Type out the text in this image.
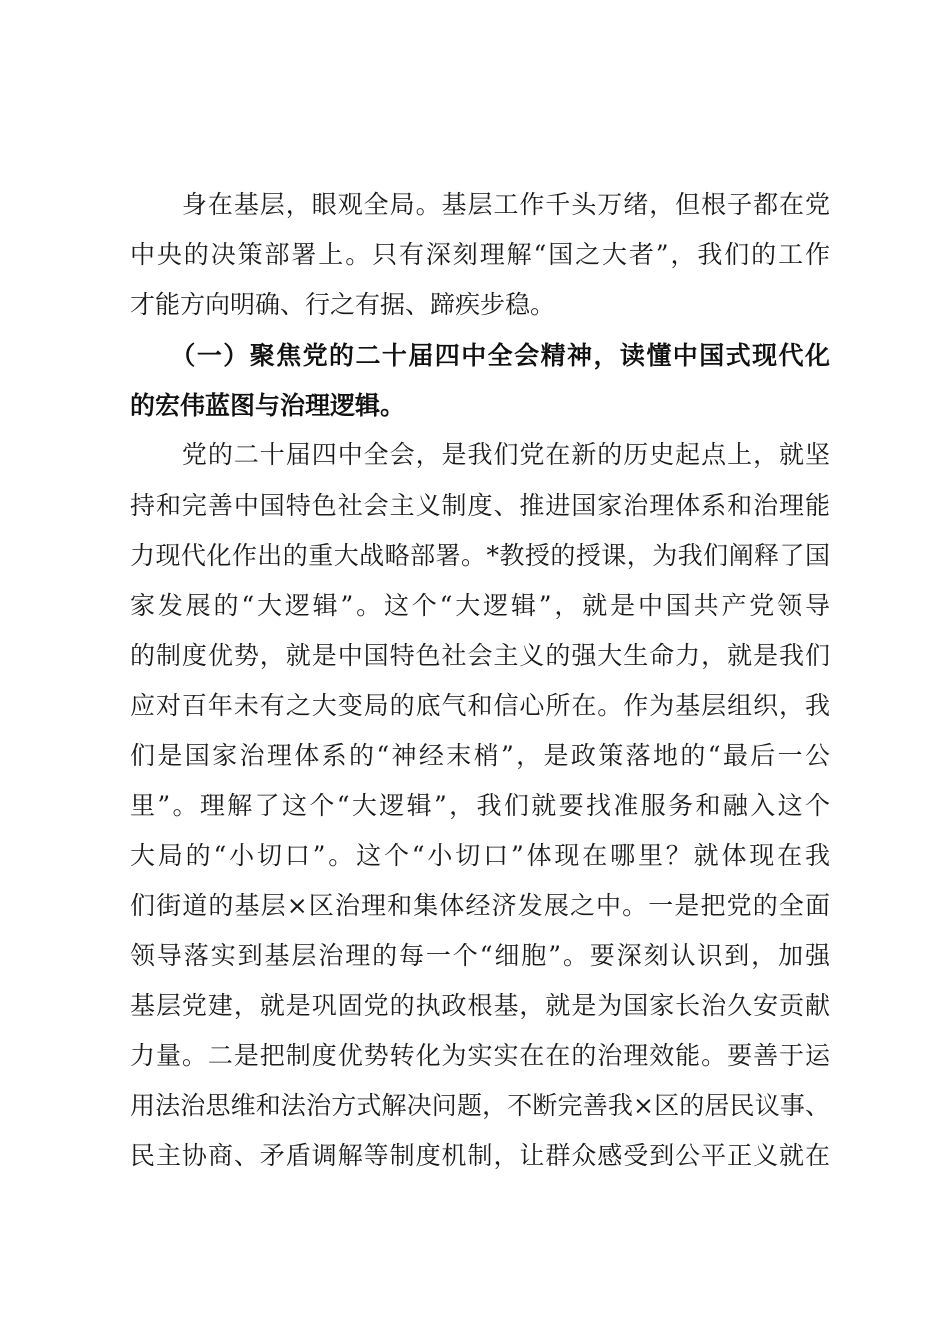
　　身在基层，眼观全局。基层工作千头万绪，但根子都在党
中央的决策部署上。只有深刻理解“国之大者”，我们的工作
才能方向明确、行之有据、蹄疾步稳。
　　（一）聚焦党的二十届四中全会精神，读懂中国式现代化
的宏伟蓝图与治理逻辑。
　　党的二十届四中全会，是我们党在新的历史起点上，就坚
持和完善中国特色社会主义制度、推进国家治理体系和治理能
力现代化作出的重大战略部署。*教授的授课，为我们阐释了国
家发展的“大逻辑”。这个“大逻辑”，就是中国共产党领导
的制度优势，就是中国特色社会主义的强大生命力，就是我们
应对百年未有之大变局的底气和信心所在。作为基层组织，我
们是国家治理体系的“神经末梢”，是政策落地的“最后一公
里”。理解了这个“大逻辑”，我们就要找准服务和融入这个
大局的“小切口”。这个“小切口”体现在哪里？就体现在我
们街道的基层×区治理和集体经济发展之中。一是把党的全面
领导落实到基层治理的每一个“细胞”。要深刻认识到，加强
基层党建，就是巩固党的执政根基，就是为国家长治久安贡献
力量。二是把制度优势转化为实实在在的治理效能。要善于运
用法治思维和法治方式解决问题，不断完善我×区的居民议事、
民主协商、矛盾调解等制度机制，让群众感受到公平正义就在
